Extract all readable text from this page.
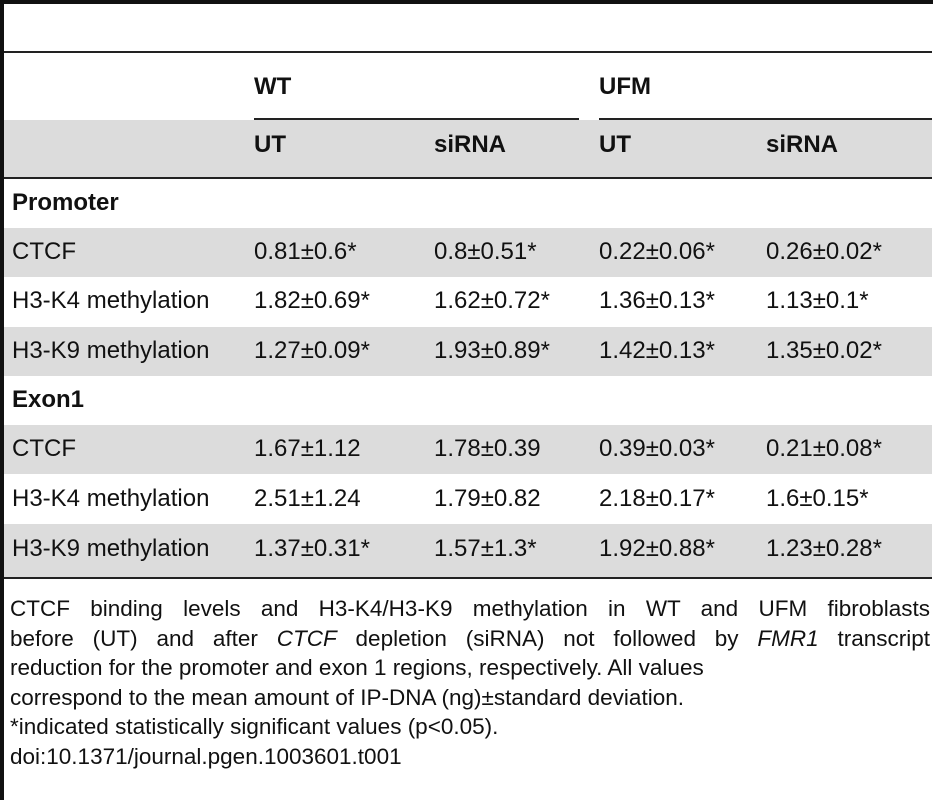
WT	UFM
UT	siRNA	UT	siRNA
Promoter
CTCF	0.81±0.6*	0.8±0.51*	0.22±0.06* 0.26±0.02*
H3-K4 methylation 1.82±0.69*	1.62±0.72* 1.36±0.13* 1.13±0.1*
H3-K9 methylation 1.27±0.09*	1.93±0.89* 1.42±0.13* 1.35±0.02*
Exon1
CTCF	1.67±1.12	1.78±0.39 0.39±0.03* 0.21±0.08*
H3-K4 methylation 2.51±1.24	1.79±0.82 2.18±0.17* 1.6±0.15*
H3-K9 methylation 1.37±0.31*	1.57±1.3*	1.92±0.88* 1.23±0.28*
CTCF binding levels and H3-K4/H3-K9 methylation in WT and UFM fibroblasts
before (UT) and after CTCF depletion (siRNA) not followed by FMR1 transcript
reduction for the promoter and exon 1 regions, respectively. All values
correspond to the mean amount of IP-DNA (ng)±standard deviation.
*indicated statistically significant values (p<0.05).
doi:10.1371/journal.pgen.1003601.t001
